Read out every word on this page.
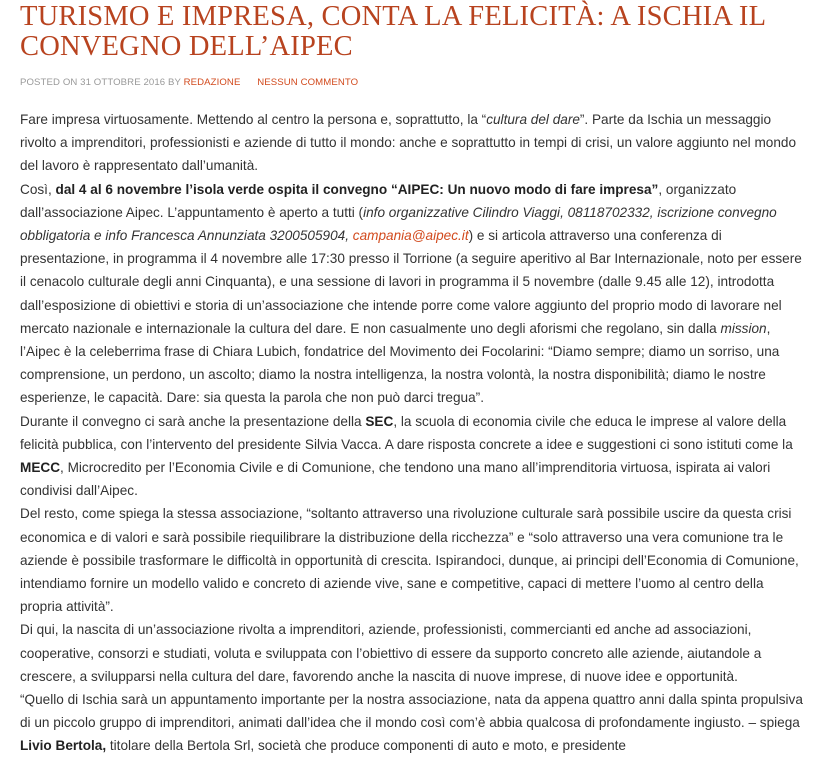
TURISMO E IMPRESA, CONTA LA FELICITÀ: A ISCHIA IL CONVEGNO DELL’AIPEC
POSTED ON 31 OTTOBRE 2016 BY REDAZIONE NESSUN COMMENTO

Fare impresa virtuosamente. Mettendo al centro la persona e, soprattutto, la “cultura del dare”. Parte da Ischia un messaggio rivolto a imprenditori, professionisti e aziende di tutto il mondo: anche e soprattutto in tempi di crisi, un valore aggiunto nel mondo del lavoro è rappresentato dall’umanità.

Così, dal 4 al 6 novembre l’isola verde ospita il convegno “AIPEC: Un nuovo modo di fare impresa”, organizzato dall’associazione Aipec. L’appuntamento è aperto a tutti (info organizzative Cilindro Viaggi, 08118702332, iscrizione convegno obbligatoria e info Francesca Annunziata 3200505904, campania@aipec.it) e si articola attraverso una conferenza di presentazione, in programma il 4 novembre alle 17:30 presso il Torrione (a seguire aperitivo al Bar Internazionale, noto per essere il cenacolo culturale degli anni Cinquanta), e una sessione di lavori in programma il 5 novembre (dalle 9.45 alle 12), introdotta dall’esposizione di obiettivi e storia di un’associazione che intende porre come valore aggiunto del proprio modo di lavorare nel mercato nazionale e internazionale la cultura del dare. E non casualmente uno degli aforismi che regolano, sin dalla mission, l’Aipec è la celeberrima frase di Chiara Lubich, fondatrice del Movimento dei Focolarini: “Diamo sempre; diamo un sorriso, una comprensione, un perdono, un ascolto; diamo la nostra intelligenza, la nostra volontà, la nostra disponibilità; diamo le nostre esperienze, le capacità. Dare: sia questa la parola che non può darci tregua”.

Durante il convegno ci sarà anche la presentazione della SEC, la scuola di economia civile che educa le imprese al valore della felicità pubblica, con l’intervento del presidente Silvia Vacca. A dare risposta concrete a idee e suggestioni ci sono istituti come la MECC, Microcredito per l’Economia Civile e di Comunione, che tendono una mano all’imprenditoria virtuosa, ispirata ai valori condivisi dall’Aipec.

Del resto, come spiega la stessa associazione, “soltanto attraverso una rivoluzione culturale sarà possibile uscire da questa crisi economica e di valori e sarà possibile riequilibrare la distribuzione della ricchezza” e “solo attraverso una vera comunione tra le aziende è possibile trasformare le difficoltà in opportunità di crescita. Ispirandoci, dunque, ai principi dell’Economia di Comunione, intendiamo fornire un modello valido e concreto di aziende vive, sane e competitive, capaci di mettere l’uomo al centro della propria attività”.

Di qui, la nascita di un’associazione rivolta a imprenditori, aziende, professionisti, commercianti ed anche ad associazioni, cooperative, consorzi e studiati, voluta e sviluppata con l’obiettivo di essere da supporto concreto alle aziende, aiutandole a crescere, a svilupparsi nella cultura del dare, favorendo anche la nascita di nuove imprese, di nuove idee e opportunità.

“Quello di Ischia sarà un appuntamento importante per la nostra associazione, nata da appena quattro anni dalla spinta propulsiva di un piccolo gruppo di imprenditori, animati dall’idea che il mondo così com’è abbia qualcosa di profondamente ingiusto. – spiega Livio Bertola, titolare della Bertola Srl, società che produce componenti di auto e moto, e presidente
